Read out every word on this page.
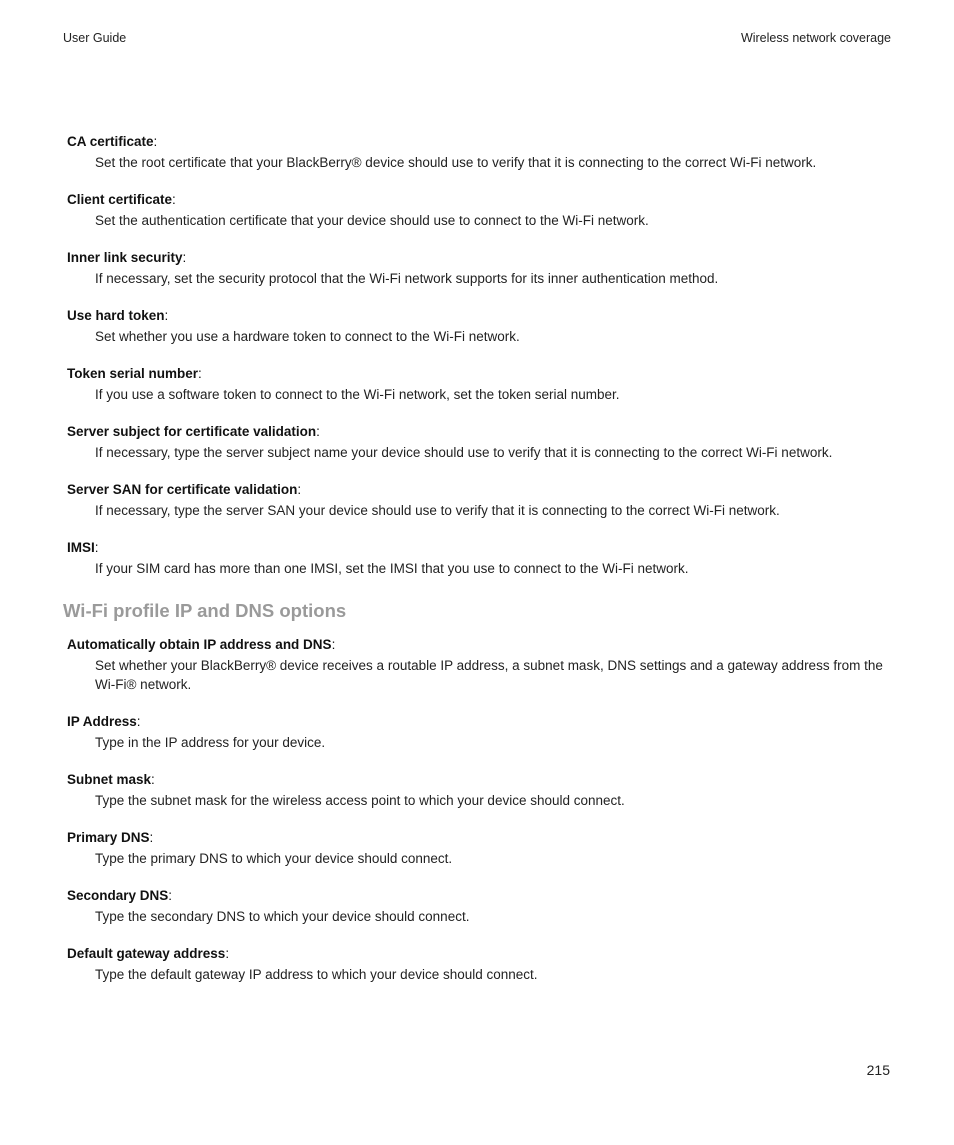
User Guide	Wireless network coverage

CA certificate:

Set the root certificate that your BlackBerry® device should use to verify that it is connecting to the correct Wi-Fi network.

Client certificate:

Set the authentication certificate that your device should use to connect to the Wi-Fi network.

Inner link security:

If necessary, set the security protocol that the Wi-Fi network supports for its inner authentication method.

Use hard token:

Set whether you use a hardware token to connect to the Wi-Fi network.

Token serial number:

If you use a software token to connect to the Wi-Fi network, set the token serial number.

Server subject for certificate validation:

If necessary, type the server subject name your device should use to verify that it is connecting to the correct Wi-Fi network.

Server SAN for certificate validation:

If necessary, type the server SAN your device should use to verify that it is connecting to the correct Wi-Fi network.

IMSI:

If your SIM card has more than one IMSI, set the IMSI that you use to connect to the Wi-Fi network.

Wi-Fi profile IP and DNS options

Automatically obtain IP address and DNS:

Set whether your BlackBerry® device receives a routable IP address, a subnet mask, DNS settings and a gateway address from the Wi-Fi® network.

IP Address:

Type in the IP address for your device.

Subnet mask:

Type the subnet mask for the wireless access point to which your device should connect.

Primary DNS:

Type the primary DNS to which your device should connect.

Secondary DNS:

Type the secondary DNS to which your device should connect.

Default gateway address:

Type the default gateway IP address to which your device should connect.

215
